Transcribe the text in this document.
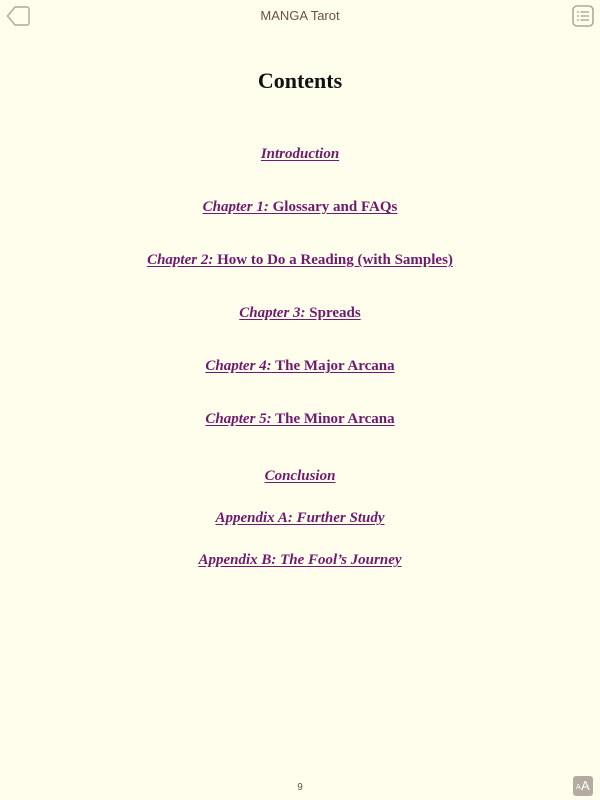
MANGA Tarot
Contents
Introduction
Chapter 1: Glossary and FAQs
Chapter 2: How to Do a Reading (with Samples)
Chapter 3: Spreads
Chapter 4: The Major Arcana
Chapter 5: The Minor Arcana
Conclusion
Appendix A: Further Study
Appendix B: The Fool’s Journey
9	A A
